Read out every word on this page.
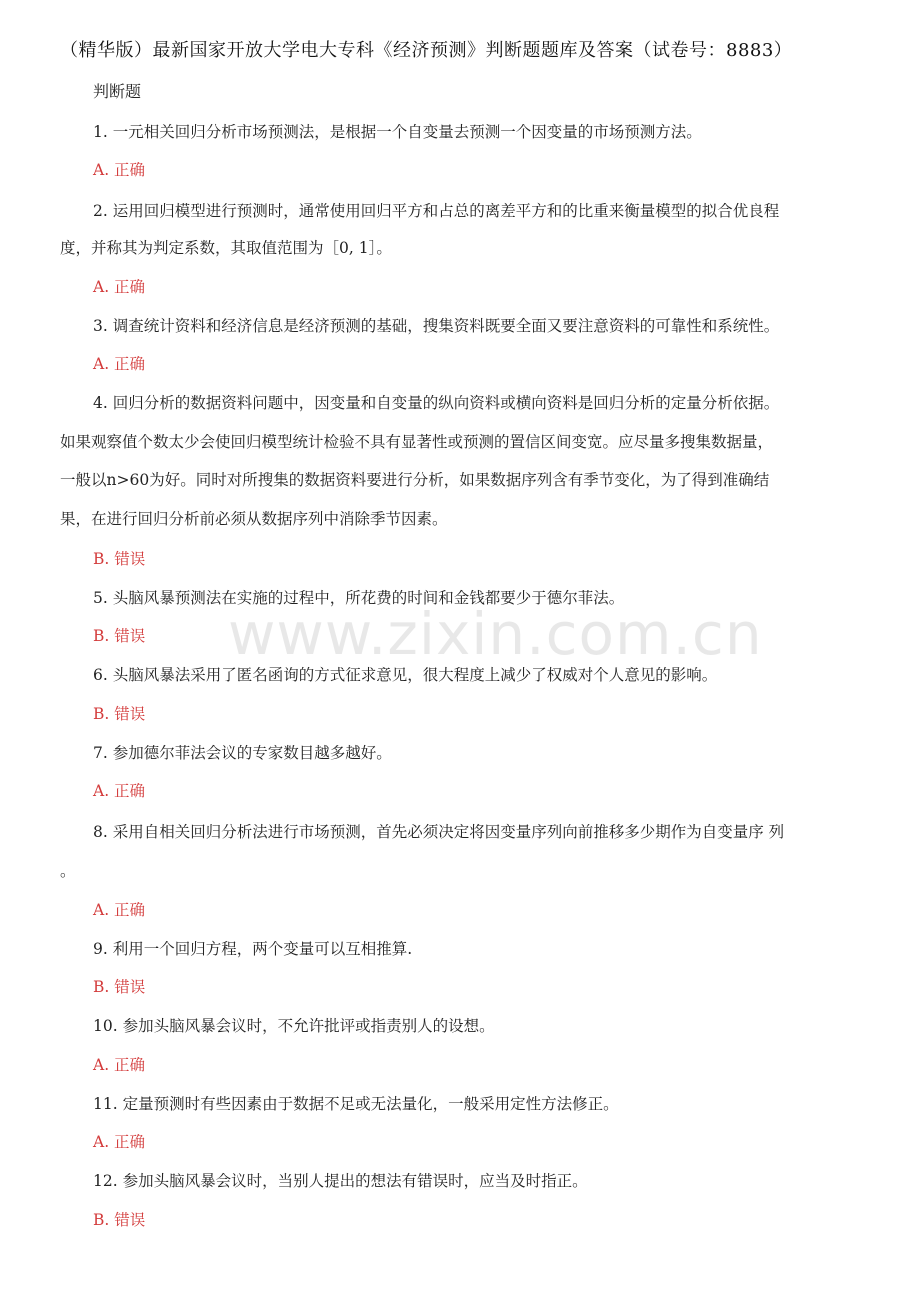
（精华版）最新国家开放大学电大专科《经济预测》判断题题库及答案（试卷号：8883）
判断题
1. 一元相关回归分析市场预测法，是根据一个自变量去预测一个因变量的市场预测方法。
A. 正确
2. 运用回归模型进行预测时，通常使用回归平方和占总的离差平方和的比重来衡量模型的拟合优良程
度，并称其为判定系数，其取值范围为［0, 1］。
A. 正确
3. 调查统计资料和经济信息是经济预测的基础，搜集资料既要全面又要注意资料的可靠性和系统性。
A. 正确
4. 回归分析的数据资料问题中，因变量和自变量的纵向资料或横向资料是回归分析的定量分析依据。
如果观察值个数太少会使回归模型统计检验不具有显著性或预测的置信区间变宽。应尽量多搜集数据量，
一般以n>60为好。同时对所搜集的数据资料要进行分析，如果数据序列含有季节变化，为了得到准确结
果，在进行回归分析前必须从数据序列中消除季节因素。
B. 错误
5. 头脑风暴预测法在实施的过程中，所花费的时间和金钱都要少于德尔菲法。
B. 错误
6. 头脑风暴法采用了匿名函询的方式征求意见，很大程度上减少了权威对个人意见的影响。
B. 错误
7. 参加德尔菲法会议的专家数目越多越好。
A. 正确
8. 采用自相关回归分析法进行市场预测，首先必须决定将因变量序列向前推移多少期作为自变量序 列
。
A. 正确
9. 利用一个回归方程，两个变量可以互相推算.
B. 错误
10. 参加头脑风暴会议时，不允许批评或指责别人的设想。
A. 正确
11. 定量预测时有些因素由于数据不足或无法量化，一般采用定性方法修正。
A. 正确
12. 参加头脑风暴会议时，当别人提出的想法有错误时，应当及时指正。
B. 错误
www.zixin.com.cn
